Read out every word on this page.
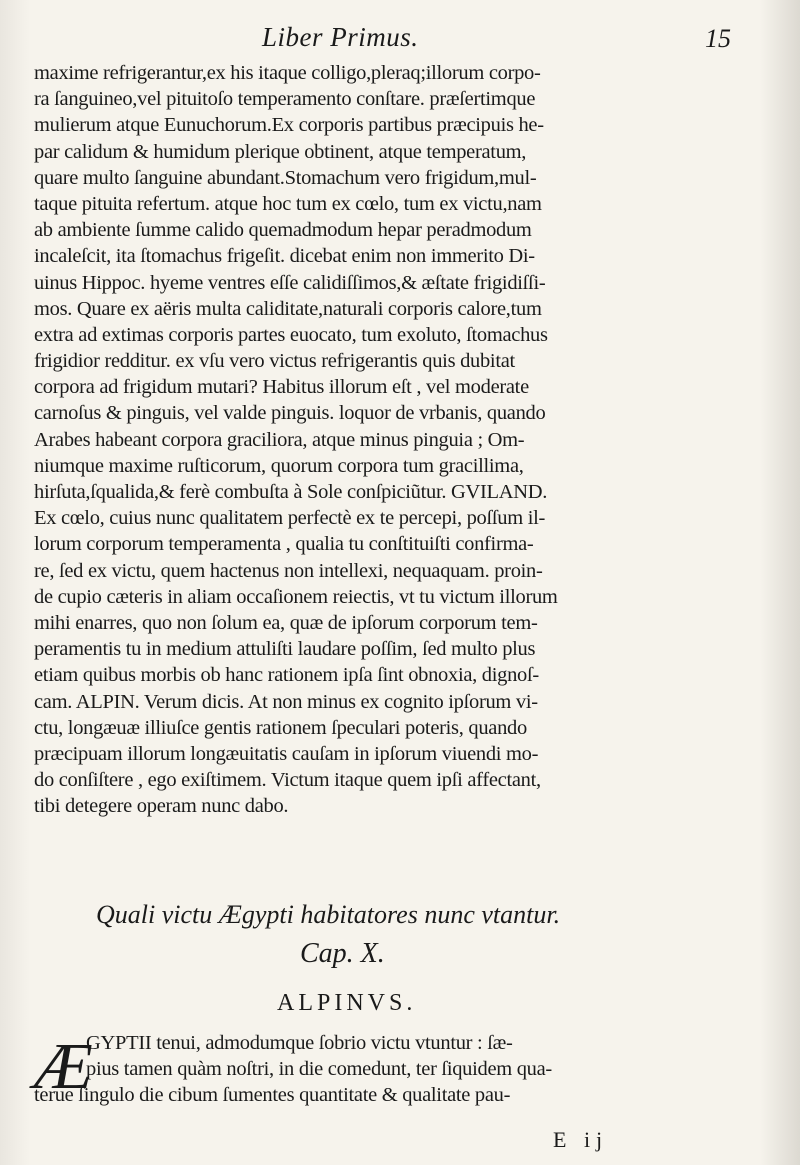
Liber Primus.	15
maxime refrigerantur,ex his itaque colligo,pleraq;illorum corpo-
ra ſanguineo,vel pituitoſo temperamento conſtare. præſertimque
mulierum atque Eunuchorum.Ex corporis partibus præcipuis he-
par calidum & humidum plerique obtinent, atque temperatum,
quare multo ſanguine abundant.Stomachum vero frigidum,mul-
taque pituita refertum. atque hoc tum ex cœlo, tum ex victu,nam
ab ambiente ſumme calido quemadmodum hepar peradmodum
incaleſcit, ita ſtomachus frigeſit. dicebat enim non immerito Di-
uinus Hippoc. hyeme ventres eſſe calidiſſimos,& æſtate frigidiſſi-
mos. Quare ex aëris multa caliditate,naturali corporis calore,tum
extra ad extimas corporis partes euocato, tum exoluto, ſtomachus
frigidior redditur. ex vſu vero victus refrigerantis quis dubitat
corpora ad frigidum mutari? Habitus illorum eſt , vel moderate
carnoſus & pinguis, vel valde pinguis. loquor de vrbanis, quando
Arabes habeant corpora graciliora, atque minus pinguia ; Om-
niumque maxime ruſticorum, quorum corpora tum gracillima,
hirſuta,ſqualida,& ferè combuſta à Sole conſpiciũtur. GVILAND.
Ex cœlo, cuius nunc qualitatem perfectè ex te percepi, poſſum il-
lorum corporum temperamenta , qualia tu conſtituiſti confirma-
re, ſed ex victu, quem hactenus non intellexi, nequaquam. proin-
de cupio cæteris in aliam occaſionem reiectis, vt tu victum illorum
mihi enarres, quo non ſolum ea, quæ de ipſorum corporum tem-
peramentis tu in medium attuliſti laudare poſſim, ſed multo plus
etiam quibus morbis ob hanc rationem ipſa ſint obnoxia, dignoſ-
cam. ALPIN. Verum dicis. At non minus ex cognito ipſorum vi-
ctu, longæuæ illiuſce gentis rationem ſpeculari poteris, quando
præcipuam illorum longæuitatis cauſam in ipſorum viuendi mo-
do conſiſtere , ego exiſtimem. Victum itaque quem ipſi affectant,
tibi detegere operam nunc dabo.
Quali victu Ægypti habitatores nunc vtantur.
Cap. X.
ALPINVS.
Æ
GYPTII tenui, admodumque ſobrio victu vtuntur : ſæ-
pius tamen quàm noſtri, in die comedunt, ter ſiquidem qua-
terue ſingulo die cibum ſumentes quantitate & qualitate pau-
E ij
